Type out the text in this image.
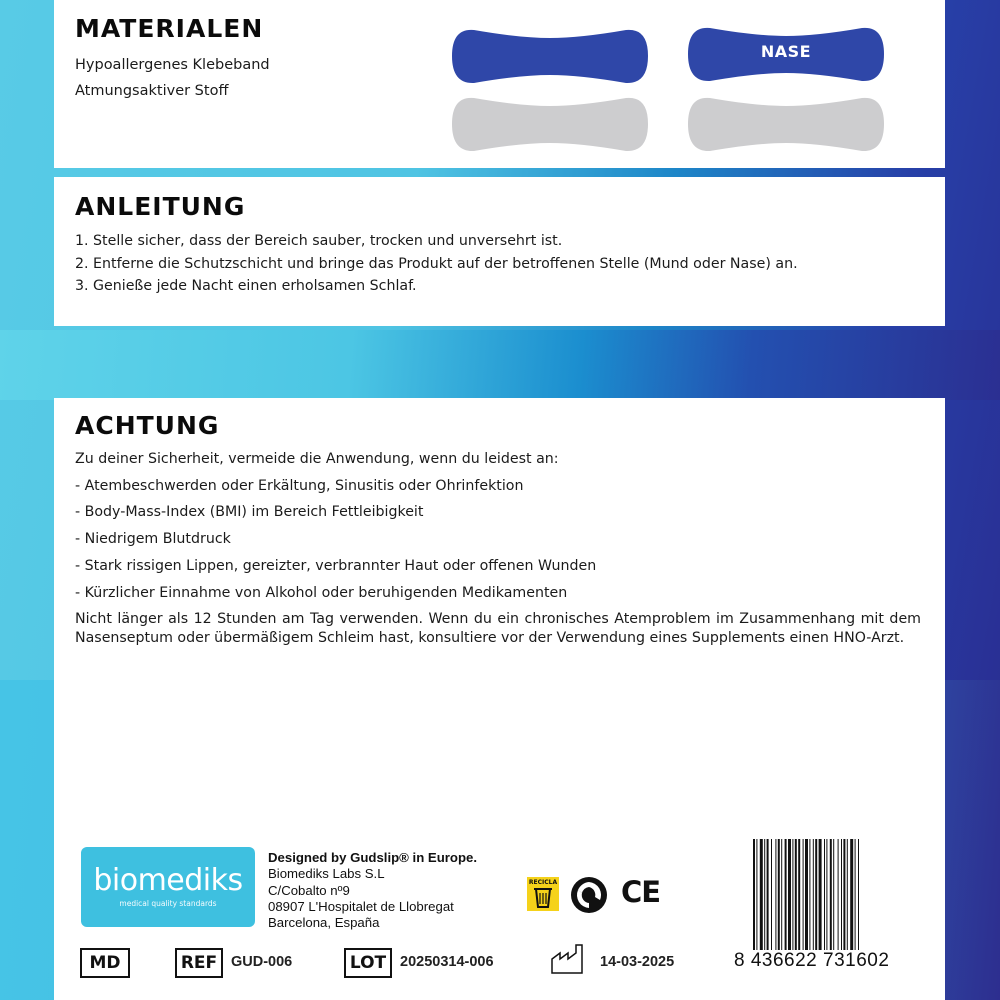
MATERIALEN
Hypoallergenes Klebeband
Atmungsaktiver Stoff
NASE
ANLEITUNG
1. Stelle sicher, dass der Bereich sauber, trocken und unversehrt ist.
2. Entferne die Schutzschicht und bringe das Produkt auf der betroffenen Stelle (Mund oder Nase) an.
3. Genieße jede Nacht einen erholsamen Schlaf.
ACHTUNG
Zu deiner Sicherheit, vermeide die Anwendung, wenn du leidest an:
- Atembeschwerden oder Erkältung, Sinusitis oder Ohrinfektion
- Body-Mass-Index (BMI) im Bereich Fettleibigkeit
- Niedrigem Blutdruck
- Stark rissigen Lippen, gereizter, verbrannter Haut oder offenen Wunden
- Kürzlicher Einnahme von Alkohol oder beruhigenden Medikamenten
Nicht länger als 12 Stunden am Tag verwenden. Wenn du ein chronisches Atemproblem im Zusammenhang mit dem Nasenseptum oder übermäßigem Schleim hast, konsultiere vor der Verwendung eines Supplements einen HNO-Arzt.
biomediks
medical quality standards
Designed by Gudslip® in Europe.
Biomediks Labs S.L
C/Cobalto nº9
08907 L'Hospitalet de Llobregat
Barcelona, España
RECICLA CE
8 436622 731602
MD	REF GUD-006	LOT 20250314-006	14-03-2025
